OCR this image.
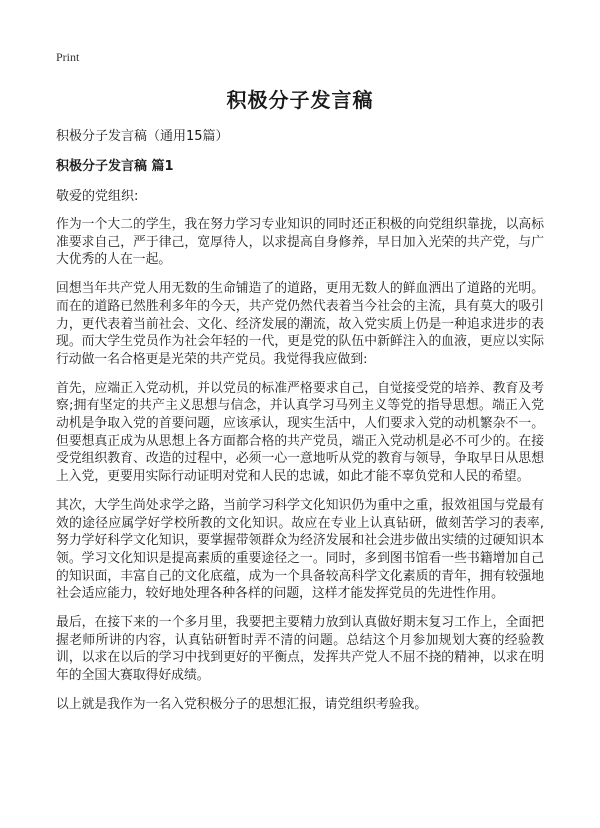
Print
积极分子发言稿

积极分子发言稿（通用15篇）

积极分子发言稿 篇1

敬爱的党组织:

作为一个大二的学生，我在努力学习专业知识的同时还正积极的向党组织靠拢，以高标准要求自己，严于律己，宽厚待人，以求提高自身修养，早日加入光荣的共产党，与广大优秀的人在一起。

回想当年共产党人用无数的生命铺造了的道路，更用无数人的鲜血洒出了道路的光明。而在的道路已然胜利多年的今天，共产党仍然代表着当今社会的主流，具有莫大的吸引力，更代表着当前社会、文化、经济发展的潮流，故入党实质上仍是一种追求进步的表现。而大学生党员作为社会年轻的一代，更是党的队伍中新鲜注入的血液，更应以实际行动做一名合格更是光荣的共产党员。我觉得我应做到:

首先，应端正入党动机，并以党员的标准严格要求自己，自觉接受党的培养、教育及考察;拥有坚定的共产主义思想与信念，并认真学习马列主义等党的指导思想。端正入党动机是争取入党的首要问题，应该承认，现实生活中，人们要求入党的动机繁杂不一。但要想真正成为从思想上各方面都合格的共产党员，端正入党动机是必不可少的。在接受党组织教育、改造的过程中，必须一心一意地听从党的教育与领导，争取早日从思想上入党，更要用实际行动证明对党和人民的忠诚，如此才能不辜负党和人民的希望。

其次，大学生尚处求学之路，当前学习科学文化知识仍为重中之重，报效祖国与党最有效的途径应属学好学校所教的文化知识。故应在专业上认真钻研，做刻苦学习的表率,努力学好科学文化知识，要掌握带领群众为经济发展和社会进步做出实绩的过硬知识本领。学习文化知识是提高素质的重要途径之一。同时，多到图书馆看一些书籍增加自己的知识面，丰富自己的文化底蕴，成为一个具备较高科学文化素质的青年，拥有较强地社会适应能力，较好地处理各种各样的问题，这样才能发挥党员的先进性作用。

最后，在接下来的一个多月里，我要把主要精力放到认真做好期末复习工作上，全面把握老师所讲的内容，认真钻研暂时弄不清的问题。总结这个月参加规划大赛的经验教训，以求在以后的学习中找到更好的平衡点，发挥共产党人不屈不挠的精神，以求在明年的全国大赛取得好成绩。

以上就是我作为一名入党积极分子的思想汇报，请党组织考验我。
